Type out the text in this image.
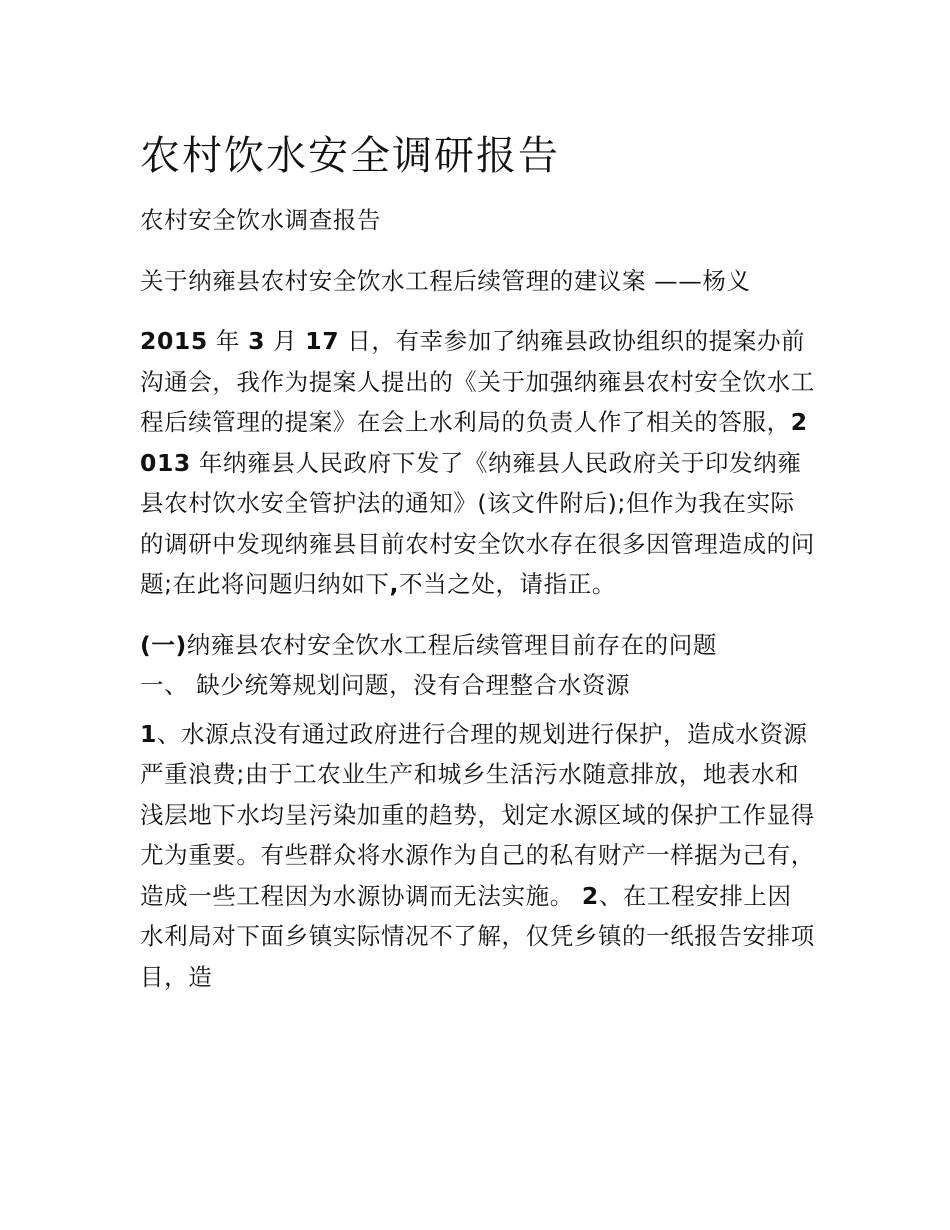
农村饮水安全调研报告

农村安全饮水调查报告

关于纳雍县农村安全饮水工程后续管理的建议案 ——杨义

2015 年 3 月 17 日，有幸参加了纳雍县政协组织的提案办前沟通会，我作为提案人提出的《关于加强纳雍县农村安全饮水工程后续管理的提案》在会上水利局的负责人作了相关的答服，2013 年纳雍县人民政府下发了《纳雍县人民政府关于印发纳雍县农村饮水安全管护法的通知》(该文件附后);但作为我在实际的调研中发现纳雍县目前农村安全饮水存在很多因管理造成的问题;在此将问题归纳如下,不当之处，请指正。

(一)纳雍县农村安全饮水工程后续管理目前存在的问题
一、 缺少统筹规划问题，没有合理整合水资源

1、水源点没有通过政府进行合理的规划进行保护，造成水资源严重浪费;由于工农业生产和城乡生活污水随意排放，地表水和浅层地下水均呈污染加重的趋势，划定水源区域的保护工作显得尤为重要。有些群众将水源作为自己的私有财产一样据为己有，造成一些工程因为水源协调而无法实施。 2、在工程安排上因水利局对下面乡镇实际情况不了解，仅凭乡镇的一纸报告安排项目，造
